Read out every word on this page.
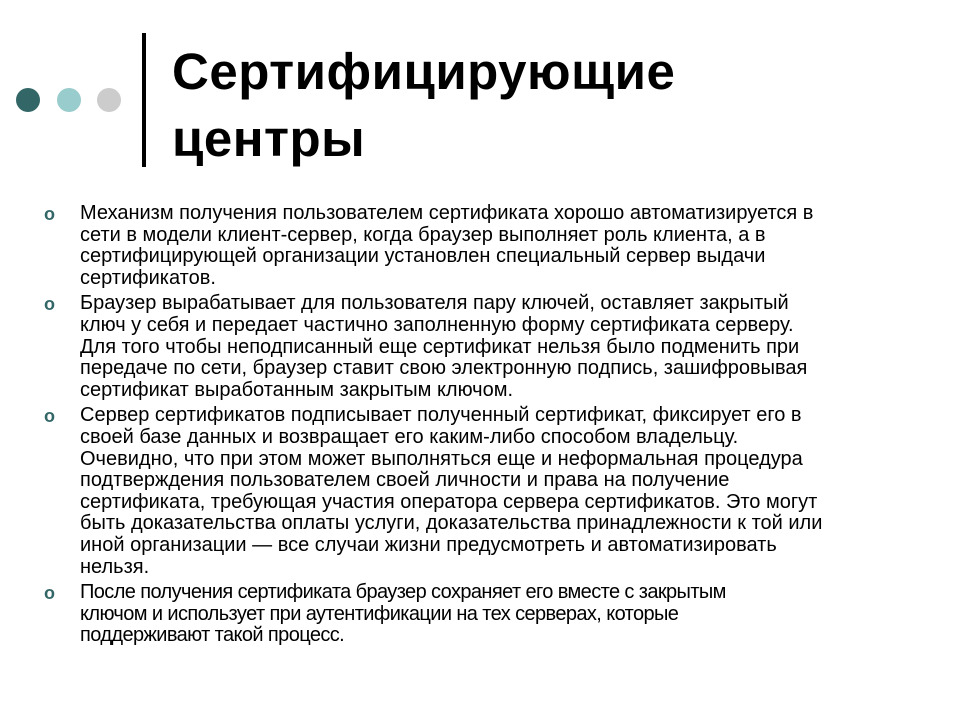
Сертифицирующие
центры
o Механизм получения пользователем сертификата хорошо автоматизируется в
сети в модели клиент-сервер, когда браузер выполняет роль клиента, а в
сертифицирующей организации установлен специальный сервер выдачи
сертификатов.
o Браузер вырабатывает для пользователя пару ключей, оставляет закрытый
ключ у себя и передает частично заполненную форму сертификата серверу.
Для того чтобы неподписанный еще сертификат нельзя было подменить при
передаче по сети, браузер ставит свою электронную подпись, зашифровывая
сертификат выработанным закрытым ключом.
o Сервер сертификатов подписывает полученный сертификат, фиксирует его в
своей базе данных и возвращает его каким-либо способом владельцу.
Очевидно, что при этом может выполняться еще и неформальная процедура
подтверждения пользователем своей личности и права на получение
сертификата, требующая участия оператора сервера сертификатов. Это могут
быть доказательства оплаты услуги, доказательства принадлежности к той или
иной организации — все случаи жизни предусмотреть и автоматизировать
нельзя.
o После получения сертификата браузер сохраняет его вместе с закрытым
ключом и использует при аутентификации на тех серверах, которые
поддерживают такой процесс.
